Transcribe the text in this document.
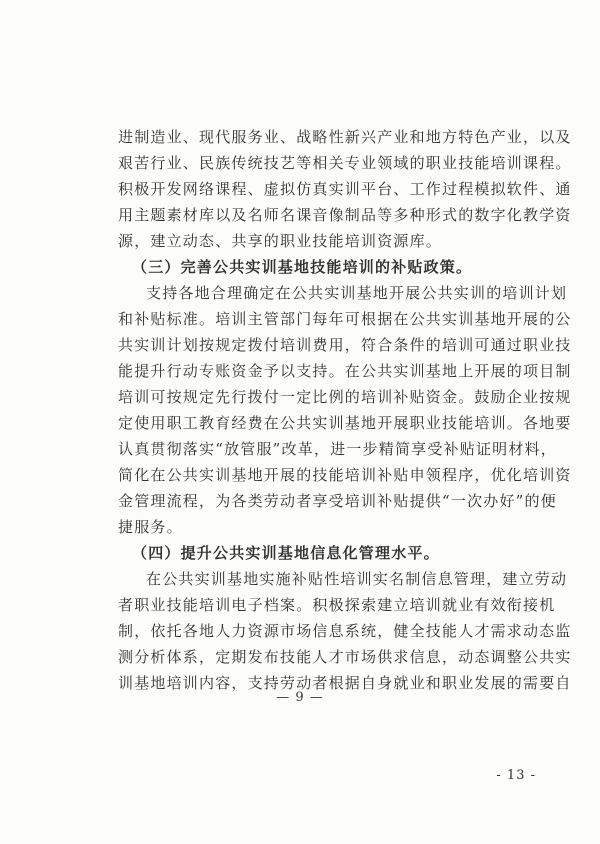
进制造业、现代服务业、战略性新兴产业和地方特色产业，以及
艰苦行业、民族传统技艺等相关专业领域的职业技能培训课程。
积极开发网络课程、虚拟仿真实训平台、工作过程模拟软件、通
用主题素材库以及名师名课音像制品等多种形式的数字化教学资
源，建立动态、共享的职业技能培训资源库。
（三）完善公共实训基地技能培训的补贴政策。
支持各地合理确定在公共实训基地开展公共实训的培训计划
和补贴标准。培训主管部门每年可根据在公共实训基地开展的公
共实训计划按规定拨付培训费用，符合条件的培训可通过职业技
能提升行动专账资金予以支持。在公共实训基地上开展的项目制
培训可按规定先行拨付一定比例的培训补贴资金。鼓励企业按规
定使用职工教育经费在公共实训基地开展职业技能培训。各地要
认真贯彻落实“放管服”改革，进一步精简享受补贴证明材料，
简化在公共实训基地开展的技能培训补贴申领程序，优化培训资
金管理流程，为各类劳动者享受培训补贴提供“一次办好”的便
捷服务。
（四）提升公共实训基地信息化管理水平。
在公共实训基地实施补贴性培训实名制信息管理，建立劳动
者职业技能培训电子档案。积极探索建立培训就业有效衔接机
制，依托各地人力资源市场信息系统，健全技能人才需求动态监
测分析体系，定期发布技能人才市场供求信息，动态调整公共实
训基地培训内容，支持劳动者根据自身就业和职业发展的需要自
— 9 —
- 13 -
